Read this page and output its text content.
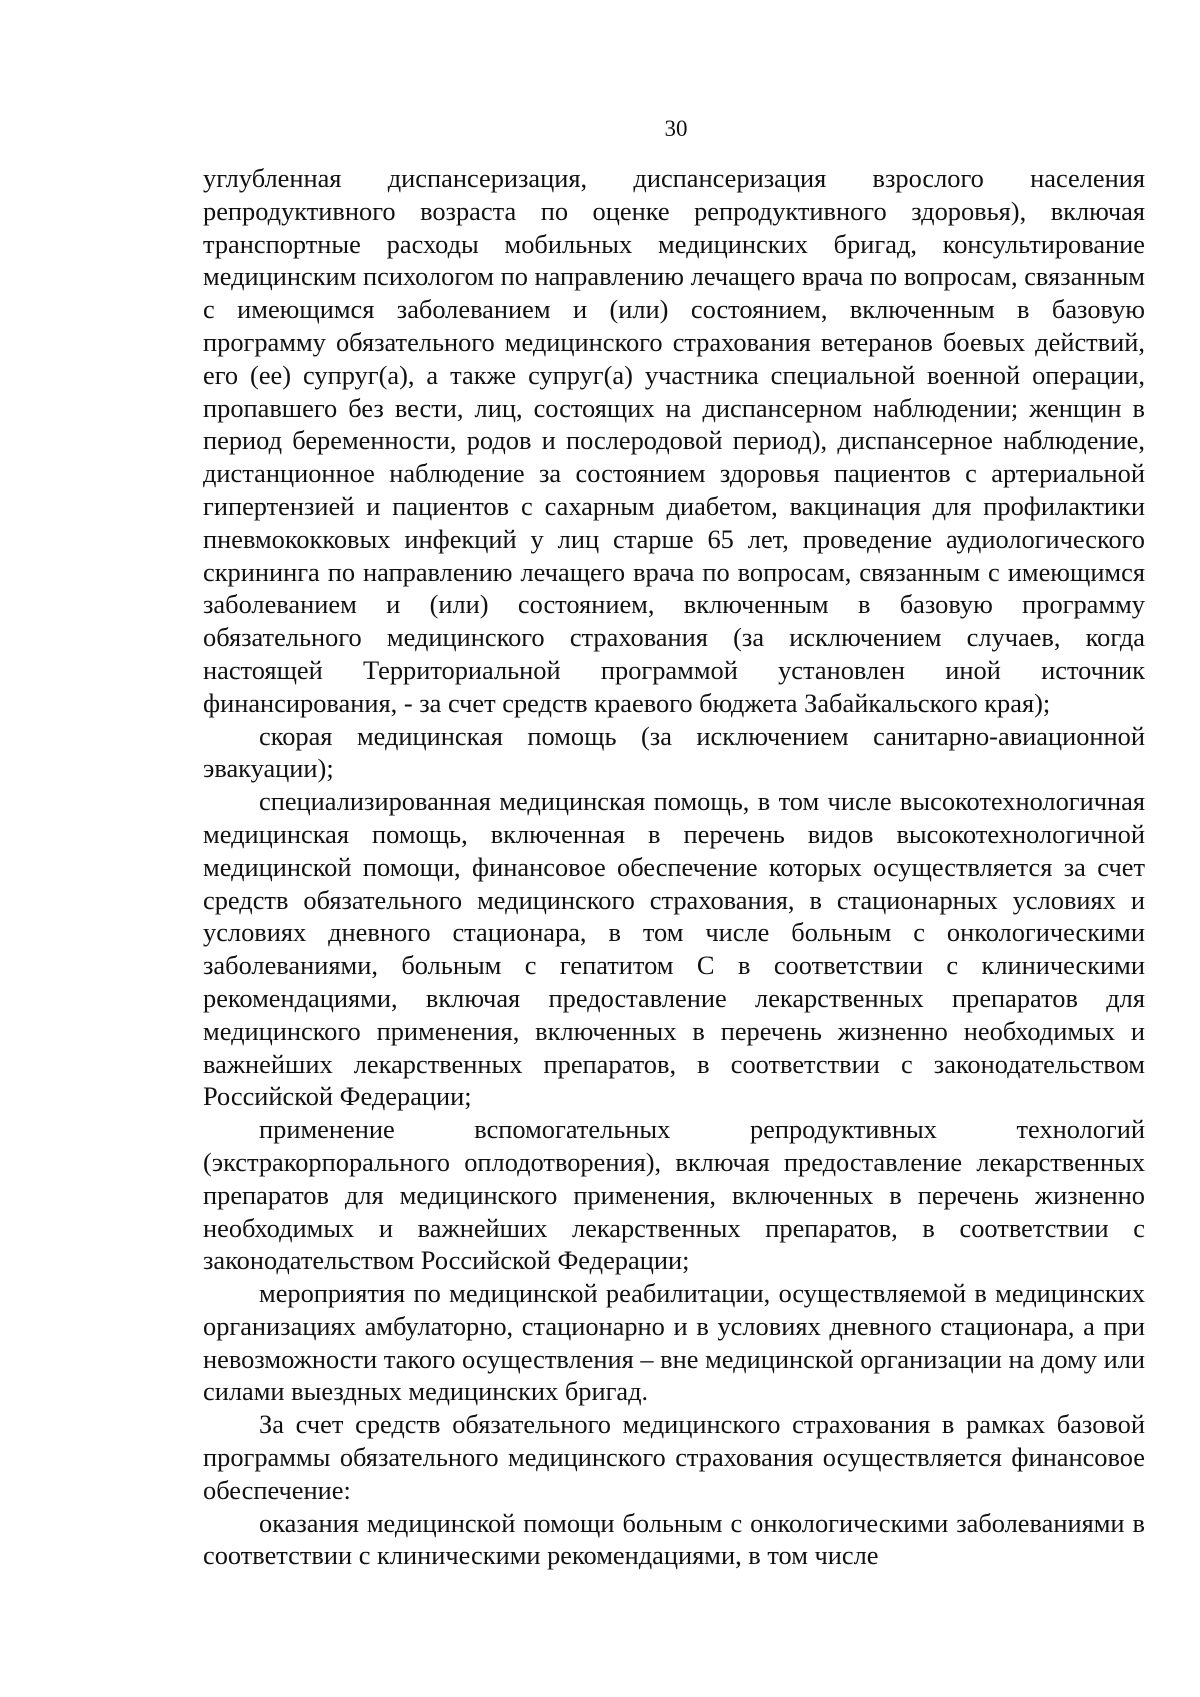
30

углубленная диспансеризация, диспансеризация взрослого населения репродуктивного возраста по оценке репродуктивного здоровья), включая транспортные расходы мобильных медицинских бригад, консультирование медицинским психологом по направлению лечащего врача по вопросам, связанным с имеющимся заболеванием и (или) состоянием, включенным в базовую программу обязательного медицинского страхования ветеранов боевых действий, его (ее) супруг(а), а также супруг(а) участника специальной военной операции, пропавшего без вести, лиц, состоящих на диспансерном наблюдении; женщин в период беременности, родов и послеродовой период), диспансерное наблюдение, дистанционное наблюдение за состоянием здоровья пациентов с артериальной гипертензией и пациентов с сахарным диабетом, вакцинация для профилактики пневмококковых инфекций у лиц старше 65 лет, проведение аудиологического скрининга по направлению лечащего врача по вопросам, связанным с имеющимся заболеванием и (или) состоянием, включенным в базовую программу обязательного медицинского страхования (за исключением случаев, когда настоящей Территориальной программой установлен иной источник финансирования, - за счет средств краевого бюджета Забайкальского края);

скорая медицинская помощь (за исключением санитарно-авиационной эвакуации);

специализированная медицинская помощь, в том числе высокотехнологичная медицинская помощь, включенная в перечень видов высокотехнологичной медицинской помощи, финансовое обеспечение которых осуществляется за счет средств обязательного медицинского страхования, в стационарных условиях и условиях дневного стационара, в том числе больным с онкологическими заболеваниями, больным с гепатитом С в соответствии с клиническими рекомендациями, включая предоставление лекарственных препаратов для медицинского применения, включенных в перечень жизненно необходимых и важнейших лекарственных препаратов, в соответствии с законодательством Российской Федерации;

применение вспомогательных репродуктивных технологий (экстракорпорального оплодотворения), включая предоставление лекарственных препаратов для медицинского применения, включенных в перечень жизненно необходимых и важнейших лекарственных препаратов, в соответствии с законодательством Российской Федерации;

мероприятия по медицинской реабилитации, осуществляемой в медицинских организациях амбулаторно, стационарно и в условиях дневного стационара, а при невозможности такого осуществления – вне медицинской организации на дому или силами выездных медицинских бригад.

За счет средств обязательного медицинского страхования в рамках базовой программы обязательного медицинского страхования осуществляется финансовое обеспечение:

оказания медицинской помощи больным с онкологическими заболеваниями в соответствии с клиническими рекомендациями, в том числе
